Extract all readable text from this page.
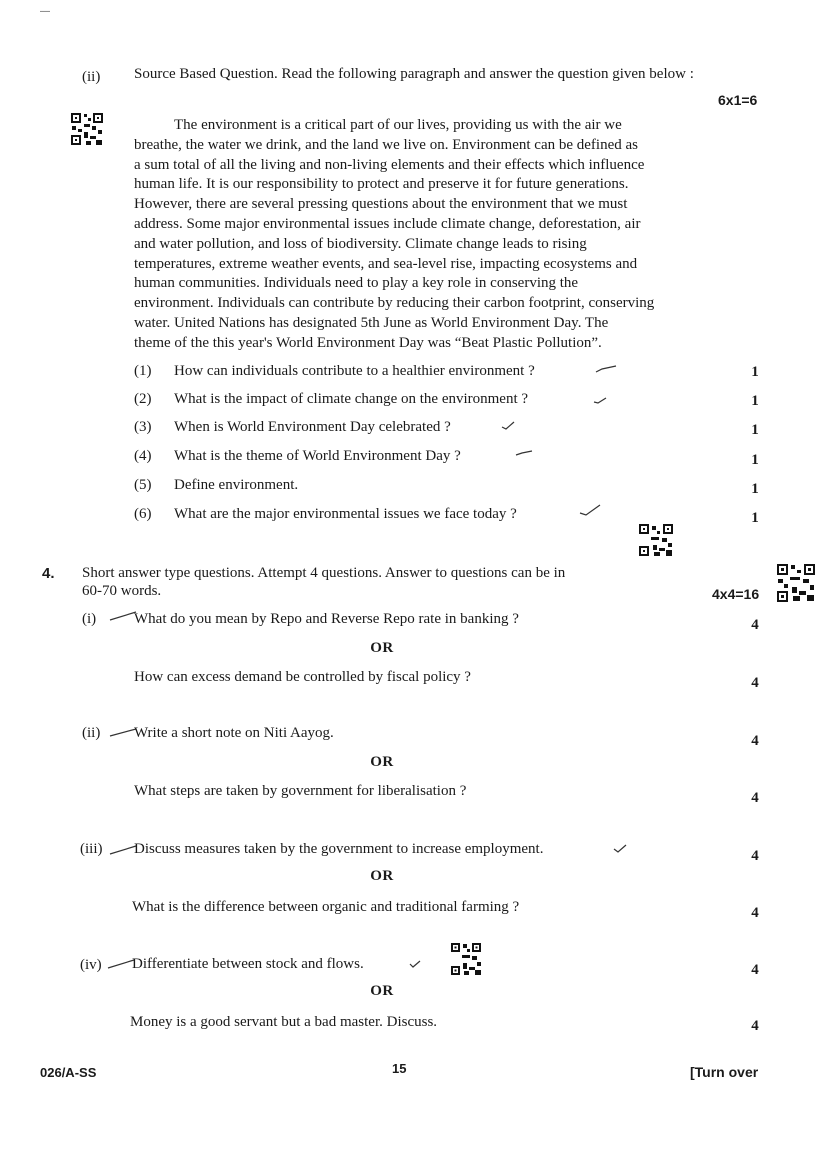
—
(ii) Source Based Question. Read the following paragraph and answer the question given below :
6x1=6
The environment is a critical part of our lives, providing us with the air we
breathe, the water we drink, and the land we live on. Environment can be defined as
a sum total of all the living and non-living elements and their effects which influence
human life. It is our responsibility to protect and preserve it for future generations.
However, there are several pressing questions about the environment that we must
address. Some major environmental issues include climate change, deforestation, air
and water pollution, and loss of biodiversity. Climate change leads to rising
temperatures, extreme weather events, and sea-level rise, impacting ecosystems and
human communities. Individuals need to play a key role in conserving the
environment. Individuals can contribute by reducing their carbon footprint, conserving
water. United Nations has designated 5th June as World Environment Day. The
theme of the this year's World Environment Day was “Beat Plastic Pollution”.
(1) How can individuals contribute to a healthier environment ?	1
(2) What is the impact of climate change on the environment ?	1
(3) When is World Environment Day celebrated ?	1
(4) What is the theme of World Environment Day ?	1
(5) Define environment.	1
(6) What are the major environmental issues we face today ?	1
4. Short answer type questions. Attempt 4 questions. Answer to questions can be in
60-70 words.	4x4=16
(i)	What do you mean by Repo and Reverse Repo rate in banking ?	4
OR
How can excess demand be controlled by fiscal policy ?	4
(ii) Write a short note on Niti Aayog.	4
OR
What steps are taken by government for liberalisation ?	4
(iii) Discuss measures taken by the government to increase employment.	4
OR
What is the difference between organic and traditional farming ?	4
(iv) Differentiate between stock and flows.	4
OR
Money is a good servant but a bad master. Discuss.	4
026/A-SS	15	[Turn over
